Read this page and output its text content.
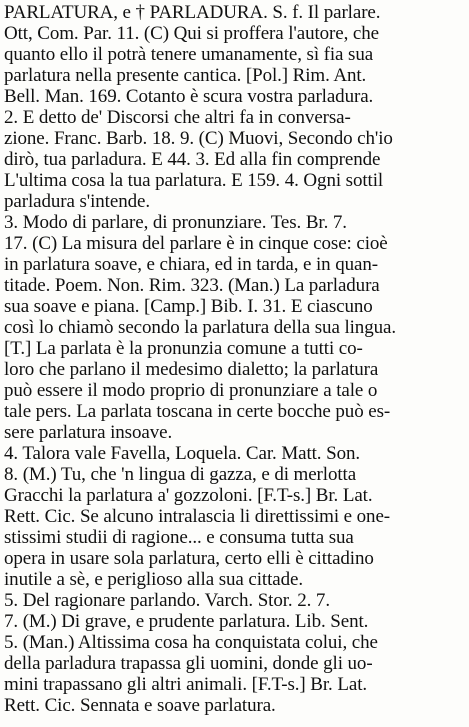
PARLATURA, e † PARLADURA. S. f. Il parlare.
Ott, Com. Par. 11. (C) Qui si proffera l'autore, che
quanto ello il potrà tenere umanamente, sì fia sua
parlatura nella presente cantica. [Pol.] Rim. Ant.
Bell. Man. 169. Cotanto è scura vostra parladura.
2. E detto de' Discorsi che altri fa in conversa-
zione. Franc. Barb. 18. 9. (C) Muovi, Secondo ch'io
dirò, tua parladura. E 44. 3. Ed alla fin comprende
L'ultima cosa la tua parlatura. E 159. 4. Ogni sottil
parladura s'intende.
3. Modo di parlare, di pronunziare. Tes. Br. 7.
17. (C) La misura del parlare è in cinque cose: cioè
in parlatura soave, e chiara, ed in tarda, e in quan-
titade. Poem. Non. Rim. 323. (Man.) La parladura
sua soave e piana. [Camp.] Bib. I. 31. E ciascuno
così lo chiamò secondo la parlatura della sua lingua.
[T.] La parlata è la pronunzia comune a tutti co-
loro che parlano il medesimo dialetto; la parlatura
può essere il modo proprio di pronunziare a tale o
tale pers. La parlata toscana in certe bocche può es-
sere parlatura insoave.
4. Talora vale Favella, Loquela. Car. Matt. Son.
8. (M.) Tu, che 'n lingua di gazza, e di merlotta
Gracchi la parlatura a' gozzoloni. [F.T-s.] Br. Lat.
Rett. Cic. Se alcuno intralascia li direttissimi e one-
stissimi studii di ragione... e consuma tutta sua
opera in usare sola parlatura, certo elli è cittadino
inutile a sè, e periglioso alla sua cittade.
5. Del ragionare parlando. Varch. Stor. 2. 7.
7. (M.) Di grave, e prudente parlatura. Lib. Sent.
5. (Man.) Altissima cosa ha conquistata colui, che
della parladura trapassa gli uomini, donde gli uo-
mini trapassano gli altri animali. [F.T-s.] Br. Lat.
Rett. Cic. Sennata e soave parlatura.
